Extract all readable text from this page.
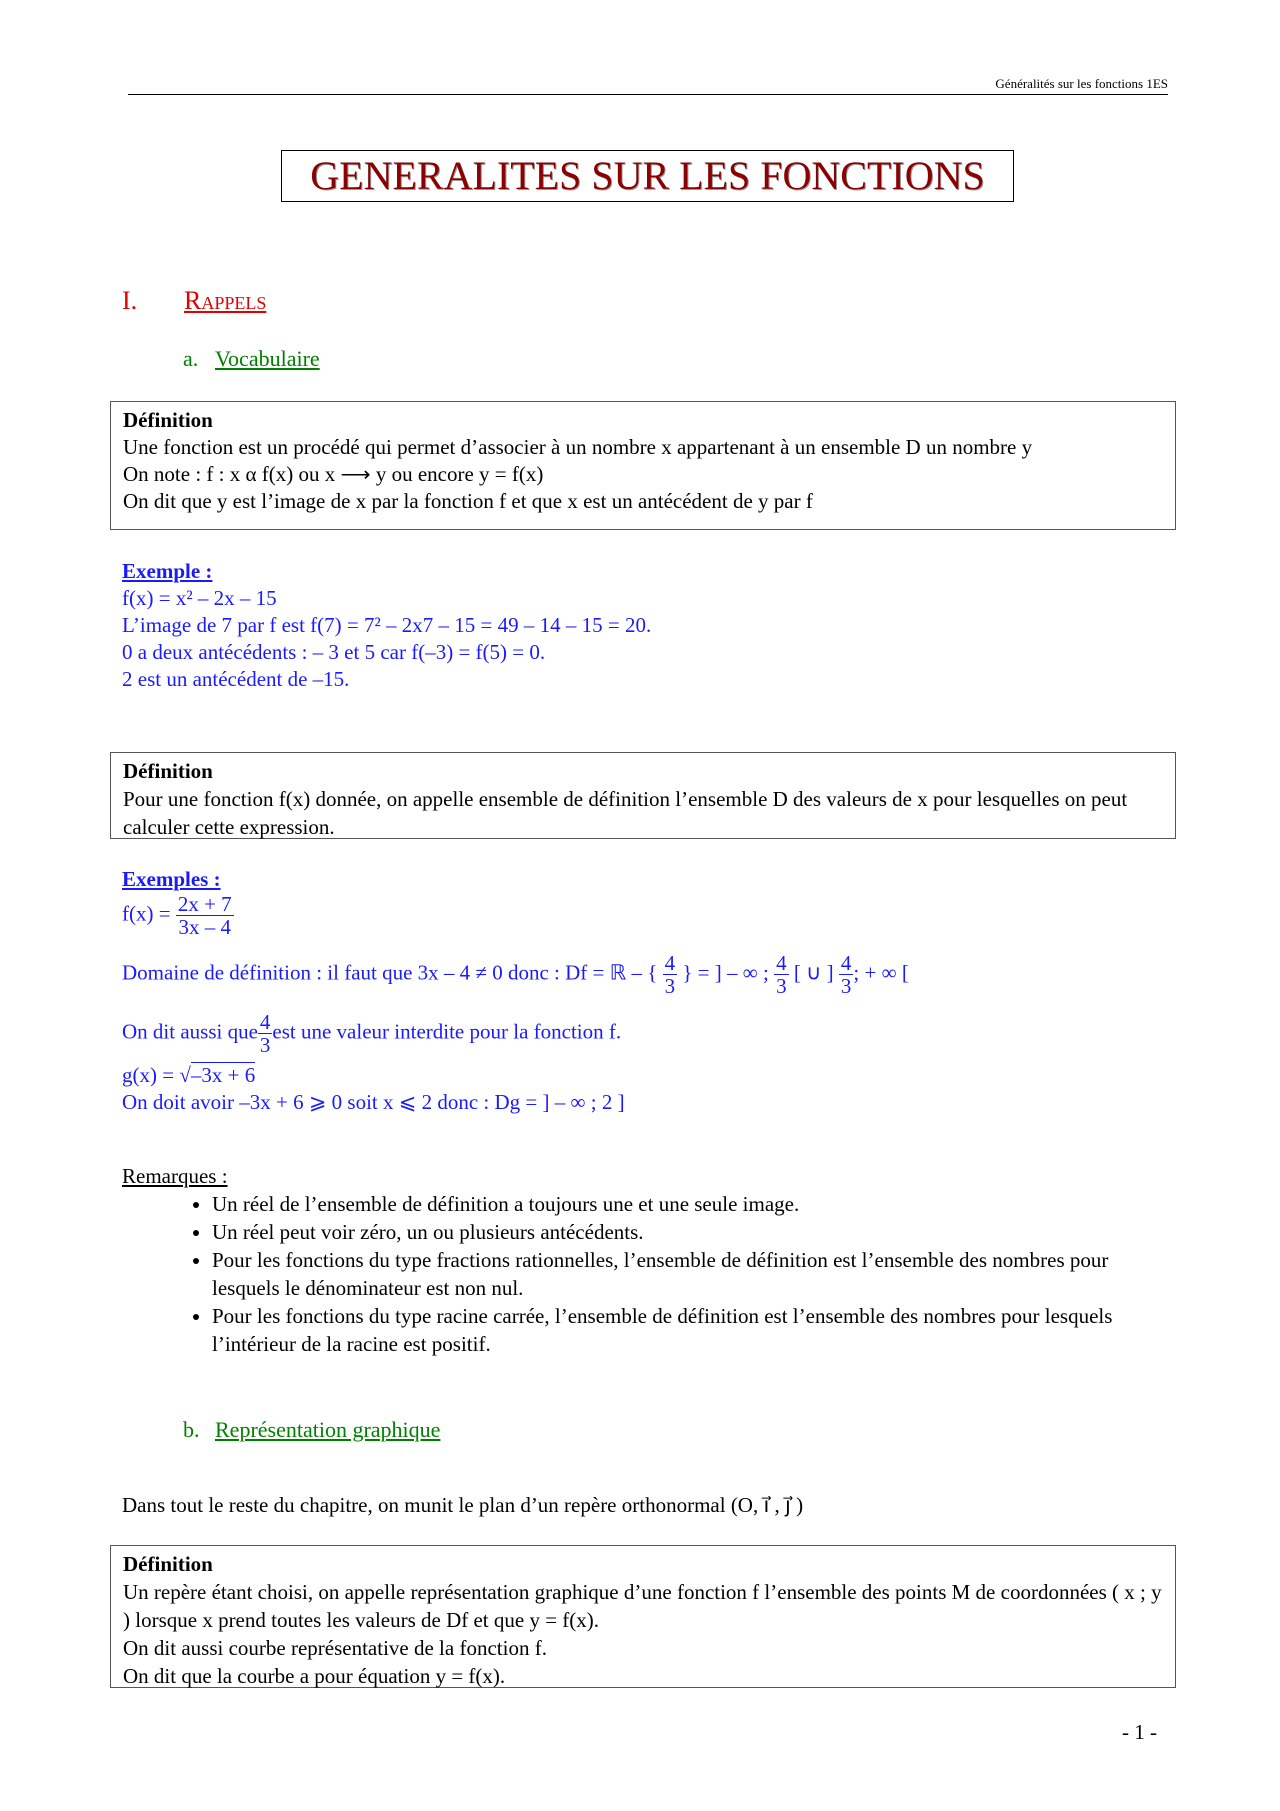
Généralités sur les fonctions 1ES
GENERALITES SUR LES FONCTIONS
I. Rappels
a. Vocabulaire
Définition
Une fonction est un procédé qui permet d’associer à un nombre x appartenant à un ensemble D un nombre y
On note : f : x α f(x) ou x ⟶ y ou encore y = f(x)
On dit que y est l’image de x par la fonction f et que x est un antécédent de y par f
Exemple :
f(x) = x² – 2x – 15
L’image de 7 par f est f(7) = 7² – 2x7 – 15 = 49 – 14 – 15 = 20.
0 a deux antécédents : – 3 et 5 car f(–3) = f(5) = 0.
2 est un antécédent de –15.
Définition
Pour une fonction f(x) donnée, on appelle ensemble de définition l’ensemble D des valeurs de x pour lesquelles on peut calculer cette expression.
Exemples :
$f(x) = \frac{2x + 7}{3x - 4}$
Domaine de définition : il faut que 3x – 4 ≠ 0 donc : Df = ℝ – { $\frac{4}{3}$ } = ] – ∞ ; $\frac{4}{3}$ [ ∪ ] $\frac{4}{3}$ ; + ∞ [
On dit aussi que $\frac{4}{3}$ est une valeur interdite pour la fonction f.
g(x) = √–3x + 6
On doit avoir –3x + 6 ⩾ 0 soit x ⩽ 2 donc : Dg = ] – ∞ ; 2 ]
Remarques :
• Un réel de l’ensemble de définition a toujours une et une seule image.
• Un réel peut voir zéro, un ou plusieurs antécédents.
• Pour les fonctions du type fractions rationnelles, l’ensemble de définition est l’ensemble des nombres pour lesquels le dénominateur est non nul.
• Pour les fonctions du type racine carrée, l’ensemble de définition est l’ensemble des nombres pour lesquels l’intérieur de la racine est positif.
b. Représentation graphique
Dans tout le reste du chapitre, on munit le plan d’un repère orthonormal (O, i⃗ , j⃗ )
Définition
Un repère étant choisi, on appelle représentation graphique d’une fonction f l’ensemble des points M de coordonnées ( x ; y ) lorsque x prend toutes les valeurs de Df et que y = f(x).
On dit aussi courbe représentative de la fonction f.
On dit que la courbe a pour équation y = f(x).
- 1 -
